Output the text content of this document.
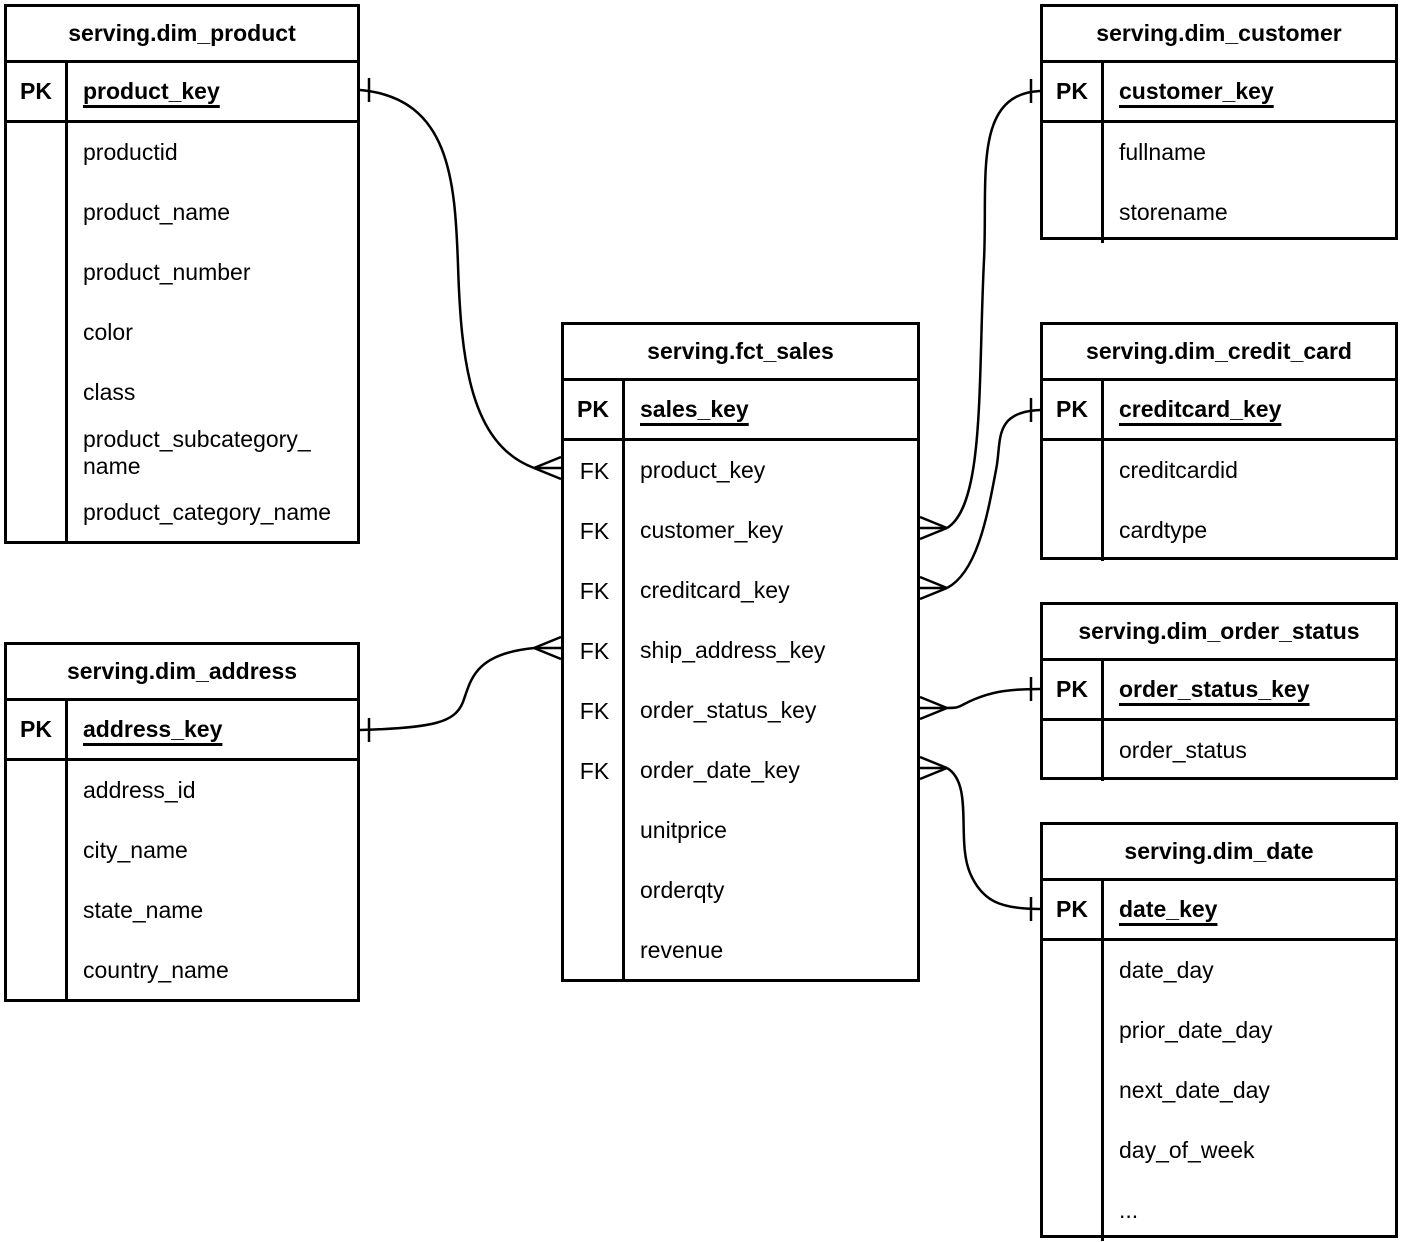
serving.dim_product
PK	product_key
productid
product_name
product_number
color
class
product_subcategory_name
product_category_name
serving.dim_customer
PK	customer_key
fullname
storename
serving.fct_sales
PK	sales_key
FK	product_key
FK	customer_key
FK	creditcard_key
FK	ship_address_key
FK	order_status_key
FK	order_date_key
unitprice
orderqty
revenue
serving.dim_credit_card
PK	creditcard_key
creditcardid
cardtype
serving.dim_order_status
PK	order_status_key
order_status
serving.dim_date
PK	date_key
date_day
prior_date_day
next_date_day
day_of_week
...
serving.dim_address
PK	address_key
address_id
city_name
state_name
country_name
